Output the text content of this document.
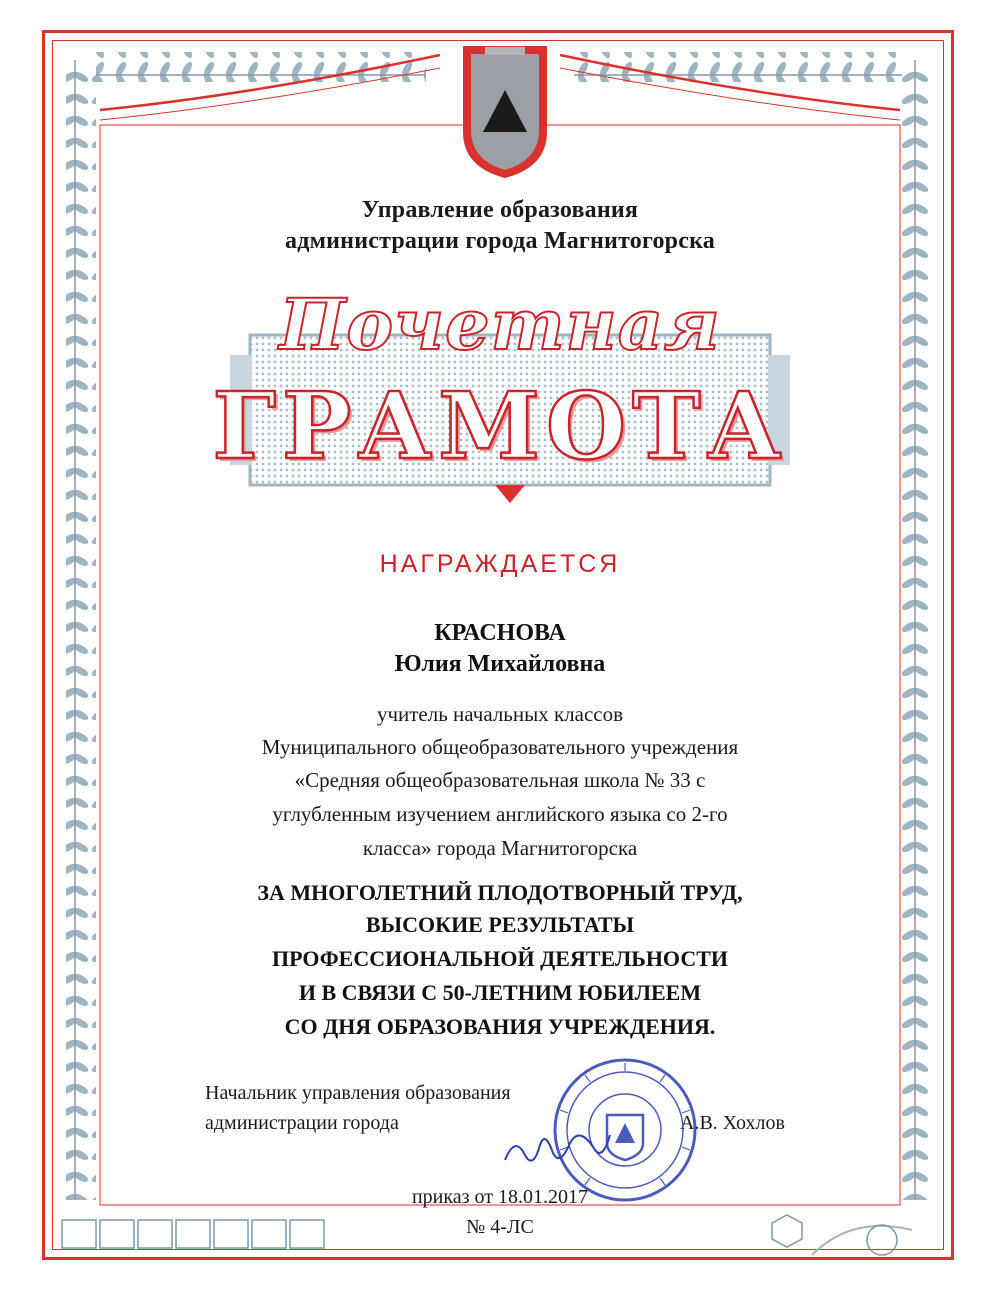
Управление образования
администрации города Магнитогорска
Почетная
ГРАМОТА
НАГРАЖДАЕТСЯ
КРАСНОВА
Юлия Михайловна
учитель начальных классов
Муниципального общеобразовательного учреждения
«Средняя общеобразовательная школа № 33 с
углубленным изучением английского языка со 2-го
класса» города Магнитогорска
ЗА МНОГОЛЕТНИЙ ПЛОДОТВОРНЫЙ ТРУД,
ВЫСОКИЕ РЕЗУЛЬТАТЫ
ПРОФЕССИОНАЛЬНОЙ ДЕЯТЕЛЬНОСТИ
И В СВЯЗИ С 50-ЛЕТНИМ ЮБИЛЕЕМ
СО ДНЯ ОБРАЗОВАНИЯ УЧРЕЖДЕНИЯ.
Начальник управления образования
администрации города	А.В. Хохлов
приказ от 18.01.2017
№ 4-ЛС
